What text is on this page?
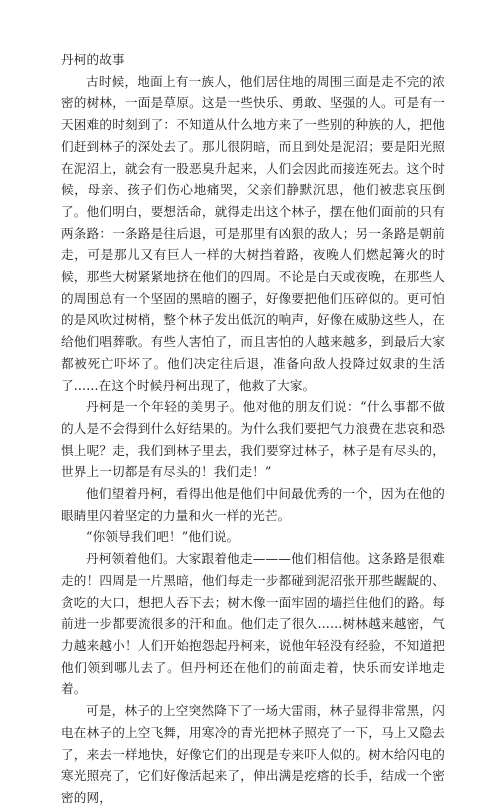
丹柯的故事

古时候，地面上有一族人，他们居住地的周围三面是走不完的浓密的树林，一面是草原。这是一些快乐、勇敢、坚强的人。可是有一天困难的时刻到了：不知道从什么地方来了一些别的种族的人，把他们赶到林子的深处去了。那儿很阴暗，而且到处是泥沼；要是阳光照在泥沼上，就会有一股恶臭升起来，人们会因此而接连死去。这个时候，母亲、孩子们伤心地痛哭，父亲们静默沉思，他们被悲哀压倒了。他们明白，要想活命，就得走出这个林子，摆在他们面前的只有两条路：一条路是往后退，可是那里有凶狠的敌人；另一条路是朝前走，可是那儿又有巨人一样的大树挡着路，夜晚人们燃起篝火的时候，那些大树紧紧地挤在他们的四周。不论是白天或夜晚，在那些人的周围总有一个坚固的黑暗的圈子，好像要把他们压碎似的。更可怕的是风吹过树梢，整个林子发出低沉的响声，好像在威胁这些人，在给他们唱葬歌。有些人害怕了，而且害怕的人越来越多，到最后大家都被死亡吓坏了。他们决定往后退，准备向敌人投降过奴隶的生活了......在这个时候丹柯出现了，他救了大家。

丹柯是一个年轻的美男子。他对他的朋友们说：“什么事都不做的人是不会得到什么好结果的。为什么我们要把气力浪费在悲哀和恐惧上呢？走，我们到林子里去，我们要穿过林子，林子是有尽头的，世界上一切都是有尽头的！我们走！”

他们望着丹柯，看得出他是他们中间最优秀的一个，因为在他的眼睛里闪着坚定的力量和火一样的光芒。

“你领导我们吧！”他们说。

丹柯领着他们。大家跟着他走———他们相信他。这条路是很难走的！四周是一片黑暗，他们每走一步都碰到泥沼张开那些龌龊的、贪吃的大口，想把人吞下去；树木像一面牢固的墙拦住他们的路。每前进一步都要流很多的汗和血。他们走了很久......树林越来越密，气力越来越小！人们开始抱怨起丹柯来，说他年轻没有经验，不知道把他们领到哪儿去了。但丹柯还在他们的前面走着，快乐而安详地走着。

可是，林子的上空突然降下了一场大雷雨，林子显得非常黑，闪电在林子的上空飞舞，用寒冷的青光把林子照亮了一下，马上又隐去了，来去一样地快，好像它们的出现是专来吓人似的。树木给闪电的寒光照亮了，它们好像活起来了，伸出满是疙瘩的长手，结成一个密密的网，
